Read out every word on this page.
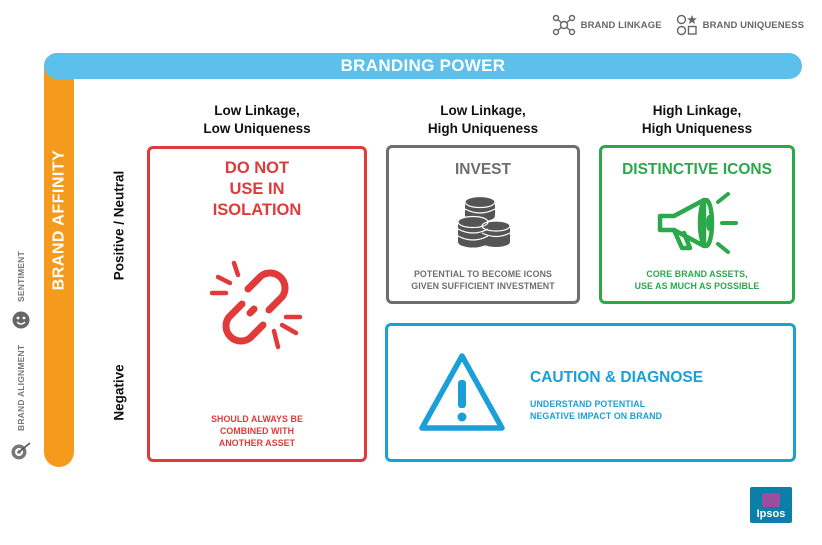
BRAND LINKAGE	BRAND UNIQUENESS
BRANDING POWER
BRAND AFFINITY
SENTIMENT
BRAND ALIGNMENT
Low Linkage,
Low Uniqueness
Low Linkage,
High Uniqueness
High Linkage,
High Uniqueness
Positive / Neutral
Negative
DO NOT
USE IN
ISOLATION
SHOULD ALWAYS BE
COMBINED WITH
ANOTHER ASSET
INVEST
POTENTIAL TO BECOME ICONS
GIVEN SUFFICIENT INVESTMENT
DISTINCTIVE ICONS
CORE BRAND ASSETS,
USE AS MUCH AS POSSIBLE
CAUTION & DIAGNOSE
UNDERSTAND POTENTIAL
NEGATIVE IMPACT ON BRAND
Ipsos
